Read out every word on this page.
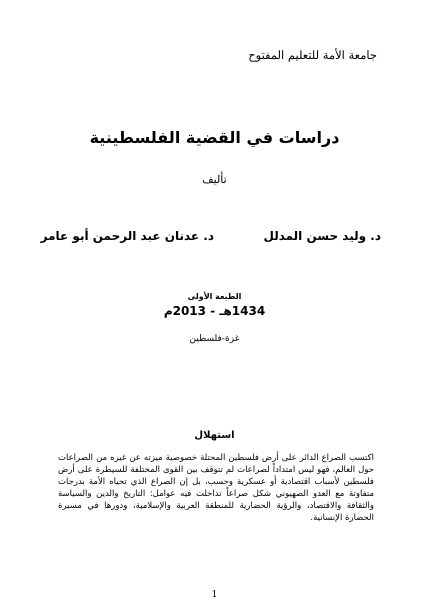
جامعة الأمة للتعليم المفتوح
دراسات في القضية الفلسطينية
تأليف
د. وليد حسن المدلل
د. عدنان عبد الرحمن أبو عامر
الطبعة الأولى
1434هـ - 2013م
غزة-فلسطين
استهلال

اكتسب الصراع الدائر على أرض فلسطين المحتلة خصوصية ميزته عن غيره من الصراعات حول العالم، فهو ليس امتداداً لصراعات لم تتوقف بين القوى المختلفة للسيطرة على أرض فلسطين لأسباب اقتصادية أو عسكرية وحسب، بل إن الصراع الذي تحياه الأمة بدرجات متفاوتة مع العدو الصهيوني شكل صراعاً تداخلت فيه عوامل: التاريخ والدين والسياسة والثقافة والاقتصاد، والرؤية الحضارية للمنطقة العربية والإسلامية، ودورها في مسيرة الحضارة الإنسانية.

1
